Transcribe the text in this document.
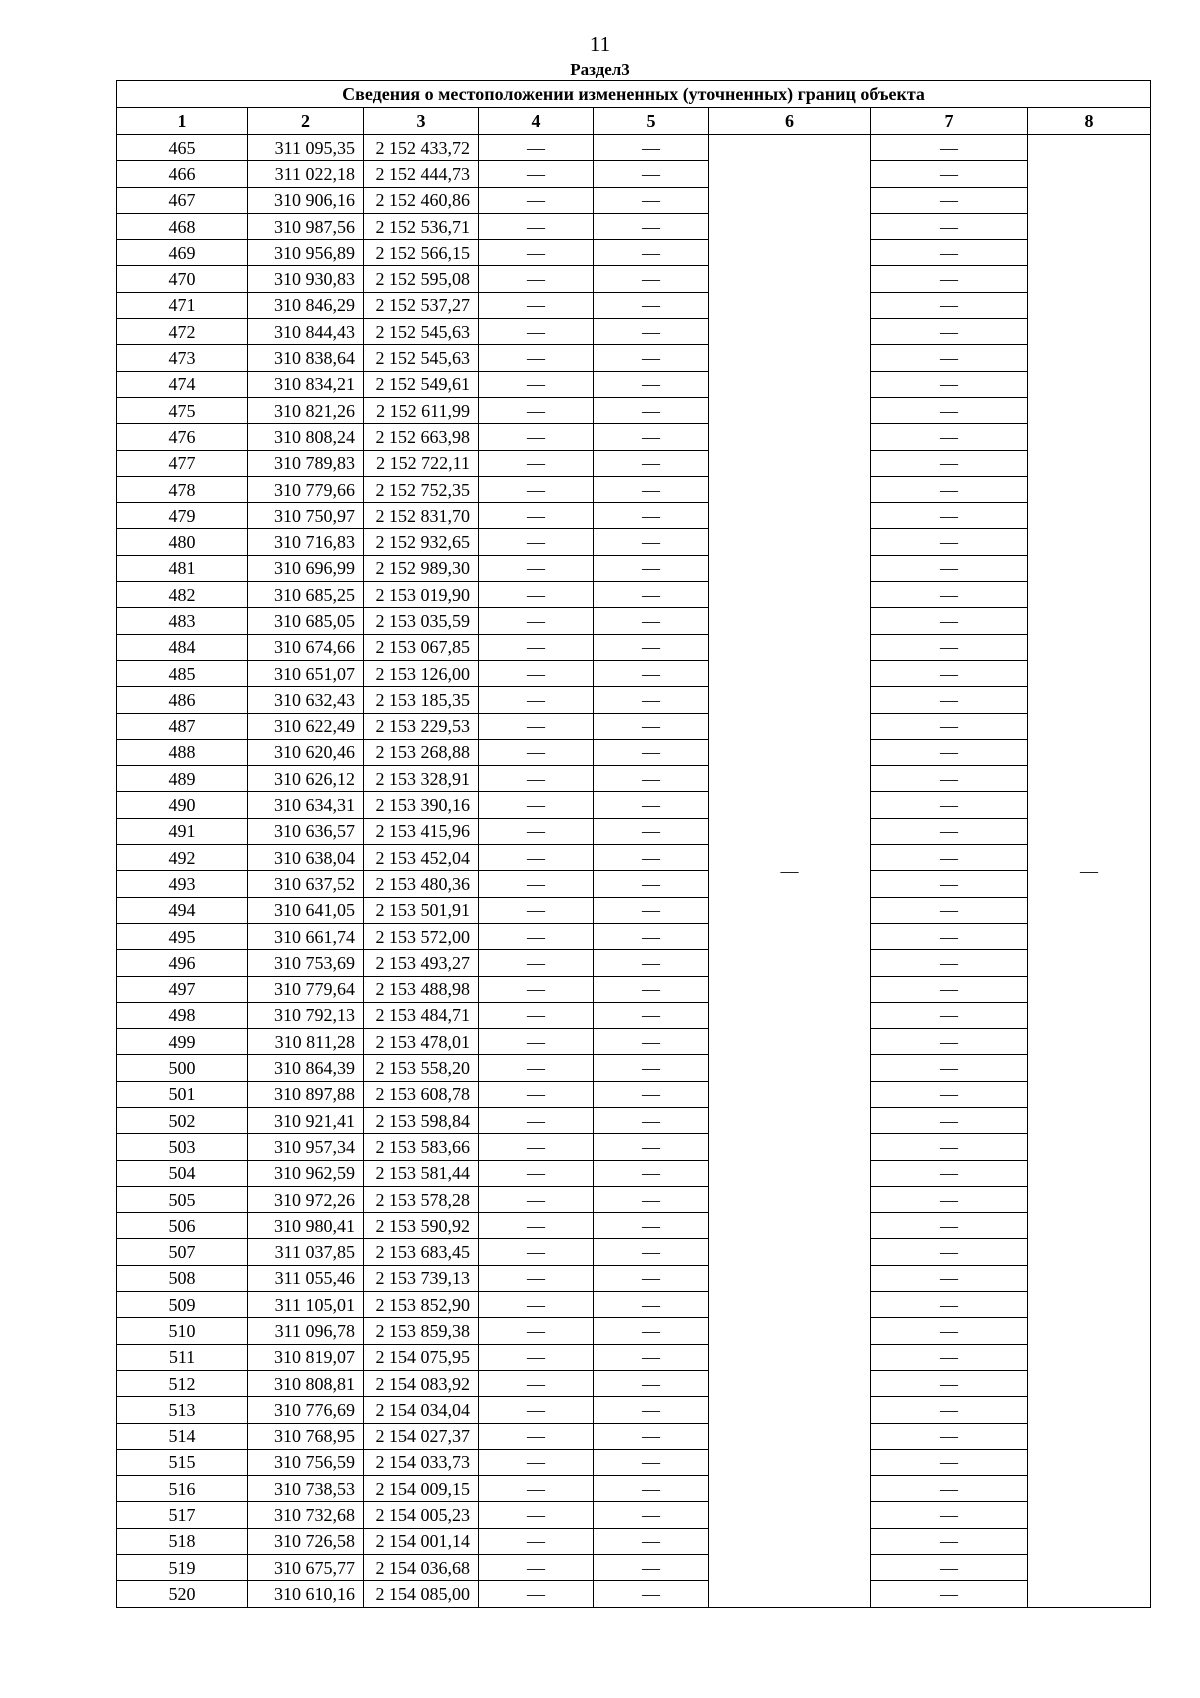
11
Раздел3
Сведения о местоположении измененных (уточненных) границ объекта							
1	2	3	4	5	6	7	8
465	311 095,35	2 152 433,72	—	—	—	—	—
466	311 022,18	2 152 444,73	—	—		—	
467	310 906,16	2 152 460,86	—	—		—	
468	310 987,56	2 152 536,71	—	—		—	
469	310 956,89	2 152 566,15	—	—		—	
470	310 930,83	2 152 595,08	—	—		—	
471	310 846,29	2 152 537,27	—	—		—	
472	310 844,43	2 152 545,63	—	—		—	
473	310 838,64	2 152 545,63	—	—		—	
474	310 834,21	2 152 549,61	—	—		—	
475	310 821,26	2 152 611,99	—	—		—	
476	310 808,24	2 152 663,98	—	—		—	
477	310 789,83	2 152 722,11	—	—		—	
478	310 779,66	2 152 752,35	—	—		—	
479	310 750,97	2 152 831,70	—	—		—	
480	310 716,83	2 152 932,65	—	—		—	
481	310 696,99	2 152 989,30	—	—		—	
482	310 685,25	2 153 019,90	—	—		—	
483	310 685,05	2 153 035,59	—	—		—	
484	310 674,66	2 153 067,85	—	—		—	
485	310 651,07	2 153 126,00	—	—		—	
486	310 632,43	2 153 185,35	—	—		—	
487	310 622,49	2 153 229,53	—	—		—	
488	310 620,46	2 153 268,88	—	—		—	
489	310 626,12	2 153 328,91	—	—		—	
490	310 634,31	2 153 390,16	—	—		—	
491	310 636,57	2 153 415,96	—	—		—	
492	310 638,04	2 153 452,04	—	—		—	
493	310 637,52	2 153 480,36	—	—		—	
494	310 641,05	2 153 501,91	—	—		—	
495	310 661,74	2 153 572,00	—	—		—	
496	310 753,69	2 153 493,27	—	—		—	
497	310 779,64	2 153 488,98	—	—		—	
498	310 792,13	2 153 484,71	—	—		—	
499	310 811,28	2 153 478,01	—	—		—	
500	310 864,39	2 153 558,20	—	—		—	
501	310 897,88	2 153 608,78	—	—		—	
502	310 921,41	2 153 598,84	—	—		—	
503	310 957,34	2 153 583,66	—	—		—	
504	310 962,59	2 153 581,44	—	—		—	
505	310 972,26	2 153 578,28	—	—		—	
506	310 980,41	2 153 590,92	—	—		—	
507	311 037,85	2 153 683,45	—	—		—	
508	311 055,46	2 153 739,13	—	—		—	
509	311 105,01	2 153 852,90	—	—		—	
510	311 096,78	2 153 859,38	—	—		—	
511	310 819,07	2 154 075,95	—	—		—	
512	310 808,81	2 154 083,92	—	—		—	
513	310 776,69	2 154 034,04	—	—		—	
514	310 768,95	2 154 027,37	—	—		—	
515	310 756,59	2 154 033,73	—	—		—	
516	310 738,53	2 154 009,15	—	—		—	
517	310 732,68	2 154 005,23	—	—		—	
518	310 726,58	2 154 001,14	—	—		—	
519	310 675,77	2 154 036,68	—	—		—	
520	310 610,16	2 154 085,00	—	—		—	
